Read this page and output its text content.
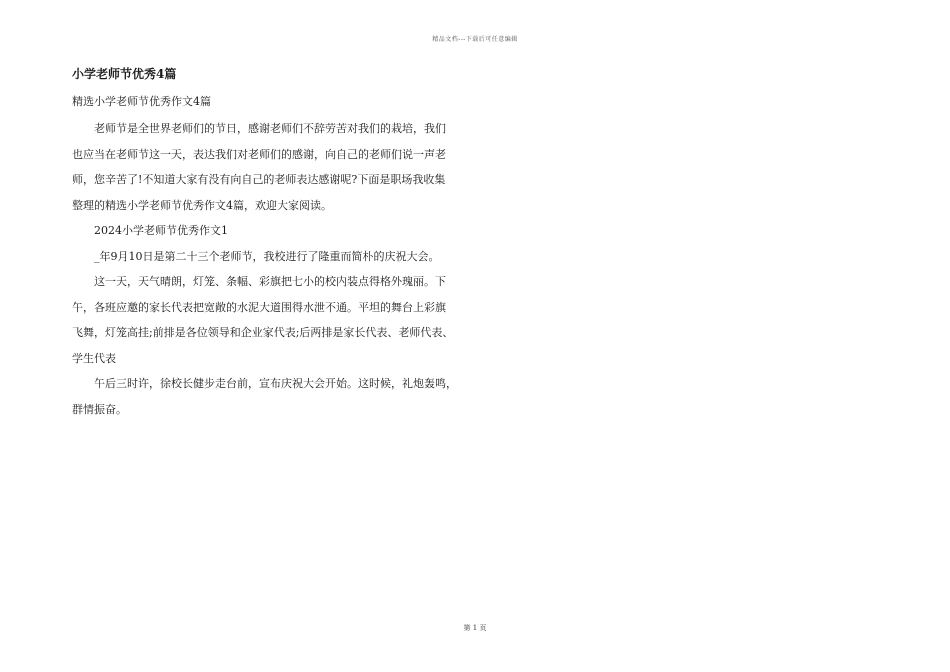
精品文档---下载后可任意编辑
小学老师节优秀4篇
精选小学老师节优秀作文4篇
老师节是全世界老师们的节日，感谢老师们不辞劳苦对我们的栽培，我们
也应当在老师节这一天，表达我们对老师们的感谢，向自己的老师们说一声老
师，您辛苦了!不知道大家有没有向自己的老师表达感谢呢?下面是职场我收集
整理的精选小学老师节优秀作文4篇，欢迎大家阅读。
2024小学老师节优秀作文1
_年9月10日是第二十三个老师节，我校进行了隆重而简朴的庆祝大会。
这一天，天气晴朗，灯笼、条幅、彩旗把七小的校内装点得格外瑰丽。下
午，各班应邀的家长代表把宽敞的水泥大道围得水泄不通。平坦的舞台上彩旗
飞舞，灯笼高挂;前排是各位领导和企业家代表;后两排是家长代表、老师代表、
学生代表
午后三时许，徐校长健步走台前，宣布庆祝大会开始。这时候，礼炮轰鸣，
群情振奋。
第 1 页
